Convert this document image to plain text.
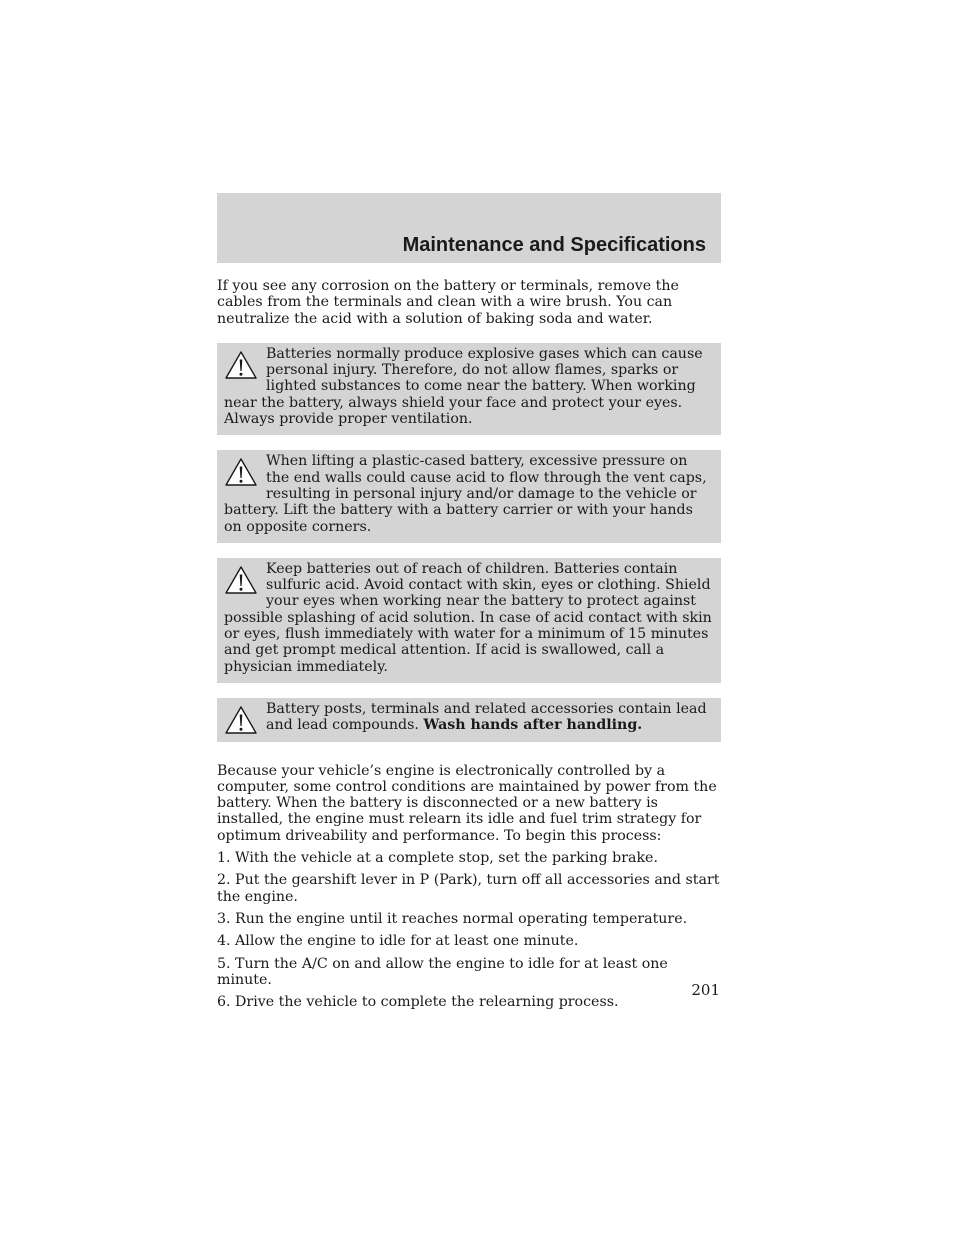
Maintenance and Specifications

If you see any corrosion on the battery or terminals, remove the cables from the terminals and clean with a wire brush. You can neutralize the acid with a solution of baking soda and water.

Batteries normally produce explosive gases which can cause personal injury. Therefore, do not allow flames, sparks or lighted substances to come near the battery. When working near the battery, always shield your face and protect your eyes. Always provide proper ventilation.
When lifting a plastic-cased battery, excessive pressure on the end walls could cause acid to flow through the vent caps, resulting in personal injury and/or damage to the vehicle or battery. Lift the battery with a battery carrier or with your hands on opposite corners.
Keep batteries out of reach of children. Batteries contain sulfuric acid. Avoid contact with skin, eyes or clothing. Shield your eyes when working near the battery to protect against possible splashing of acid solution. In case of acid contact with skin or eyes, flush immediately with water for a minimum of 15 minutes and get prompt medical attention. If acid is swallowed, call a physician immediately.
Battery posts, terminals and related accessories contain lead and lead compounds. Wash hands after handling.

Because your vehicle’s engine is electronically controlled by a computer, some control conditions are maintained by power from the battery. When the battery is disconnected or a new battery is installed, the engine must relearn its idle and fuel trim strategy for optimum driveability and performance. To begin this process:

1. With the vehicle at a complete stop, set the parking brake.

2. Put the gearshift lever in P (Park), turn off all accessories and start the engine.

3. Run the engine until it reaches normal operating temperature.

4. Allow the engine to idle for at least one minute.

5. Turn the A/C on and allow the engine to idle for at least one minute.

6. Drive the vehicle to complete the relearning process.

201
